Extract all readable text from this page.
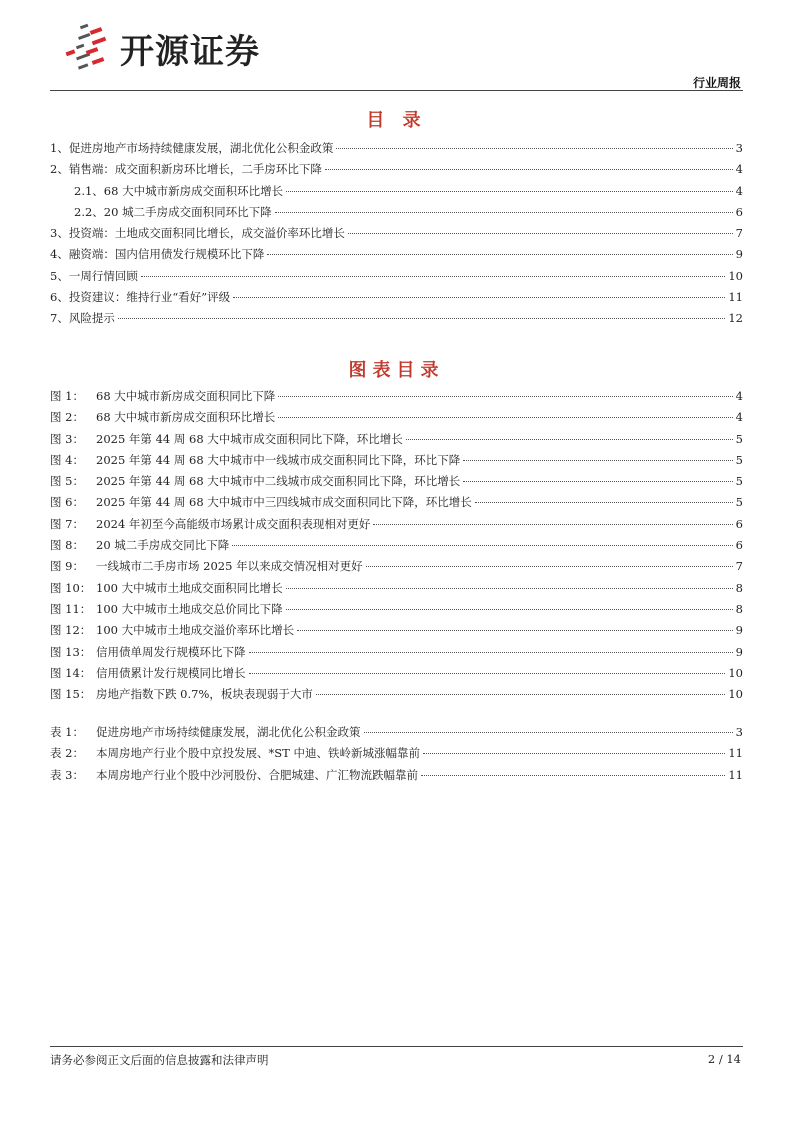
开源证券
行业周报
目 录
1、促进房地产市场持续健康发展，湖北优化公积金政策	3
2、销售端：成交面积新房环比增长，二手房环比下降	4
2.1、68 大中城市新房成交面积环比增长	4
2.2、20 城二手房成交面积同环比下降	6
3、投资端：土地成交面积同比增长，成交溢价率环比增长	7
4、融资端：国内信用债发行规模环比下降	9
5、一周行情回顾	10
6、投资建议：维持行业“看好”评级	11
7、风险提示	12
图表目录
图 1： 68 大中城市新房成交面积同比下降	4
图 2： 68 大中城市新房成交面积环比增长	4
图 3： 2025 年第 44 周 68 大中城市成交面积同比下降，环比增长	5
图 4： 2025 年第 44 周 68 大中城市中一线城市成交面积同比下降，环比下降	5
图 5： 2025 年第 44 周 68 大中城市中二线城市成交面积同比下降，环比增长	5
图 6： 2025 年第 44 周 68 大中城市中三四线城市成交面积同比下降，环比增长	5
图 7： 2024 年初至今高能级市场累计成交面积表现相对更好	6
图 8： 20 城二手房成交同比下降	6
图 9： 一线城市二手房市场 2025 年以来成交情况相对更好	7
图 10： 100 大中城市土地成交面积同比增长	8
图 11： 100 大中城市土地成交总价同比下降	8
图 12： 100 大中城市土地成交溢价率环比增长	9
图 13： 信用债单周发行规模环比下降	9
图 14： 信用债累计发行规模同比增长	10
图 15： 房地产指数下跌 0.7%，板块表现弱于大市	10
表 1： 促进房地产市场持续健康发展，湖北优化公积金政策	3
表 2： 本周房地产行业个股中京投发展、*ST 中迪、铁岭新城涨幅靠前	11
表 3： 本周房地产行业个股中沙河股份、合肥城建、广汇物流跌幅靠前	11
请务必参阅正文后面的信息披露和法律声明	2 / 14
